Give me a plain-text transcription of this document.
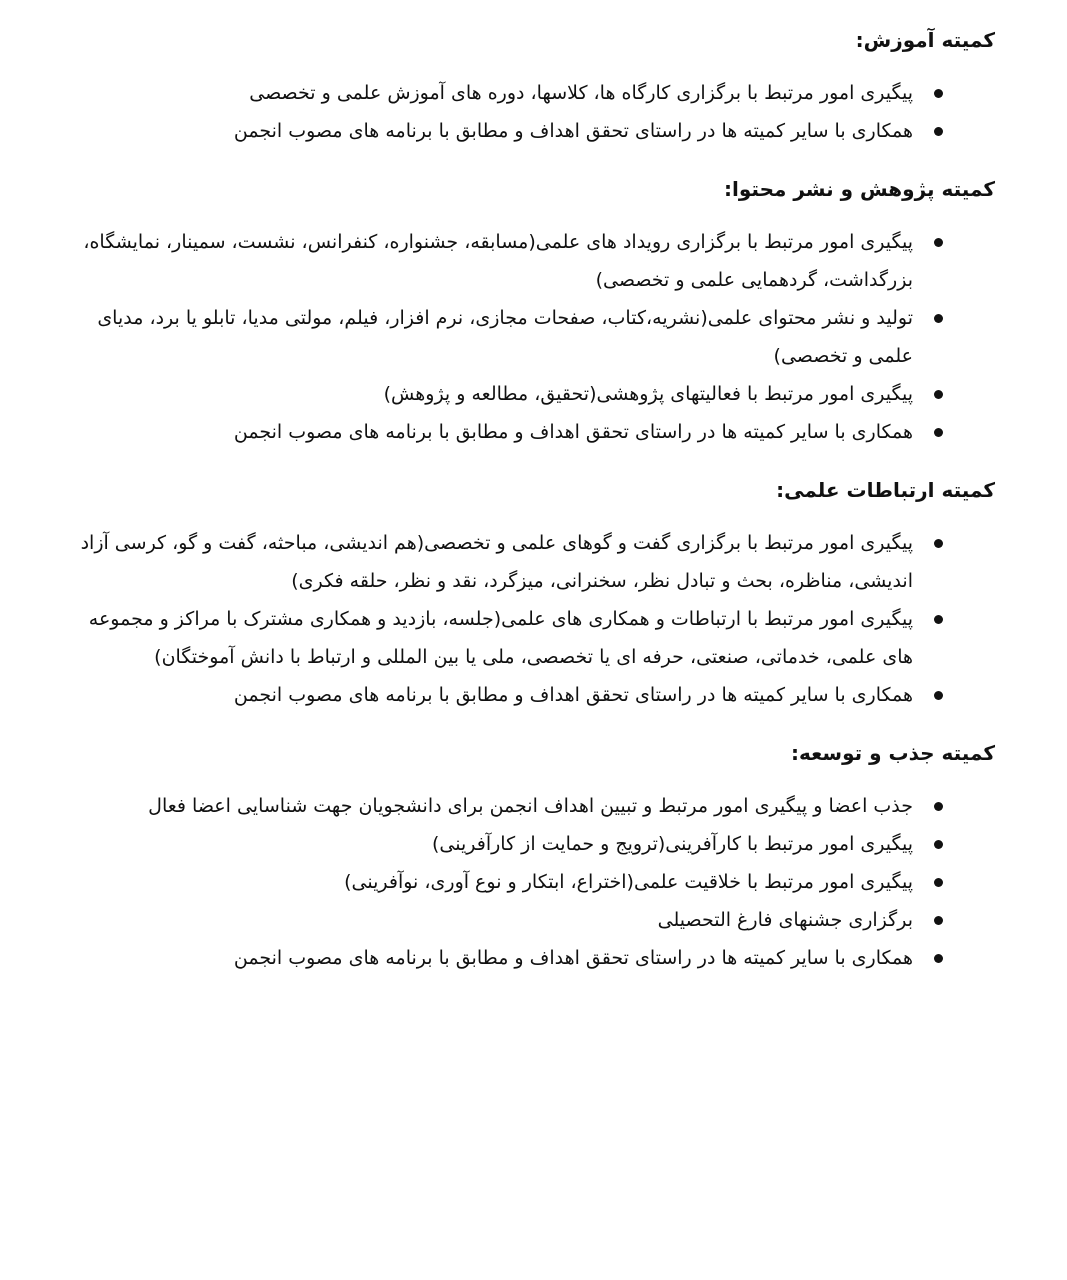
کمیته آموزش:
پیگیری امور مرتبط با برگزاری کارگاه ها، کلاسها، دوره های آموزش علمی و تخصصی
همکاری با سایر کمیته ها در راستای تحقق اهداف و مطابق با برنامه های مصوب انجمن
کمیته پژوهش و نشر محتوا:
پیگیری امور مرتبط با برگزاری رویداد های علمی(مسابقه، جشنواره، کنفرانس، نشست، سمینار، نمایشگاه، بزرگداشت، گردهمایی علمی و تخصصی)
تولید و نشر محتوای علمی(نشریه،کتاب، صفحات مجازی، نرم افزار، فیلم، مولتی مدیا، تابلو یا برد، مدیای علمی و تخصصی)
پیگیری امور مرتبط با فعالیتهای پژوهشی(تحقیق، مطالعه و پژوهش)
همکاری با سایر کمیته ها در راستای تحقق اهداف و مطابق با برنامه های مصوب انجمن
کمیته ارتباطات علمی:
پیگیری امور مرتبط با برگزاری گفت و گوهای علمی و تخصصی(هم اندیشی، مباحثه، گفت و گو، کرسی آزاد اندیشی، مناظره، بحث و تبادل نظر، سخنرانی، میزگرد، نقد و نظر، حلقه فکری)
پیگیری امور مرتبط با ارتباطات و همکاری های علمی(جلسه، بازدید و همکاری مشترک با مراکز و مجموعه های علمی، خدماتی، صنعتی، حرفه ای یا تخصصی، ملی یا بین المللی و ارتباط با دانش آموختگان)
همکاری با سایر کمیته ها در راستای تحقق اهداف و مطابق با برنامه های مصوب انجمن
کمیته جذب و توسعه:
جذب اعضا و پیگیری امور مرتبط و تبیین اهداف انجمن برای دانشجویان جهت شناسایی اعضا فعال
پیگیری امور مرتبط با کارآفرینی(ترویج و حمایت از کارآفرینی)
پیگیری امور مرتبط با خلاقیت علمی(اختراع، ابتکار و نوع آوری، نوآفرینی)
برگزاری جشنهای فارغ التحصیلی
همکاری با سایر کمیته ها در راستای تحقق اهداف و مطابق با برنامه های مصوب انجمن
